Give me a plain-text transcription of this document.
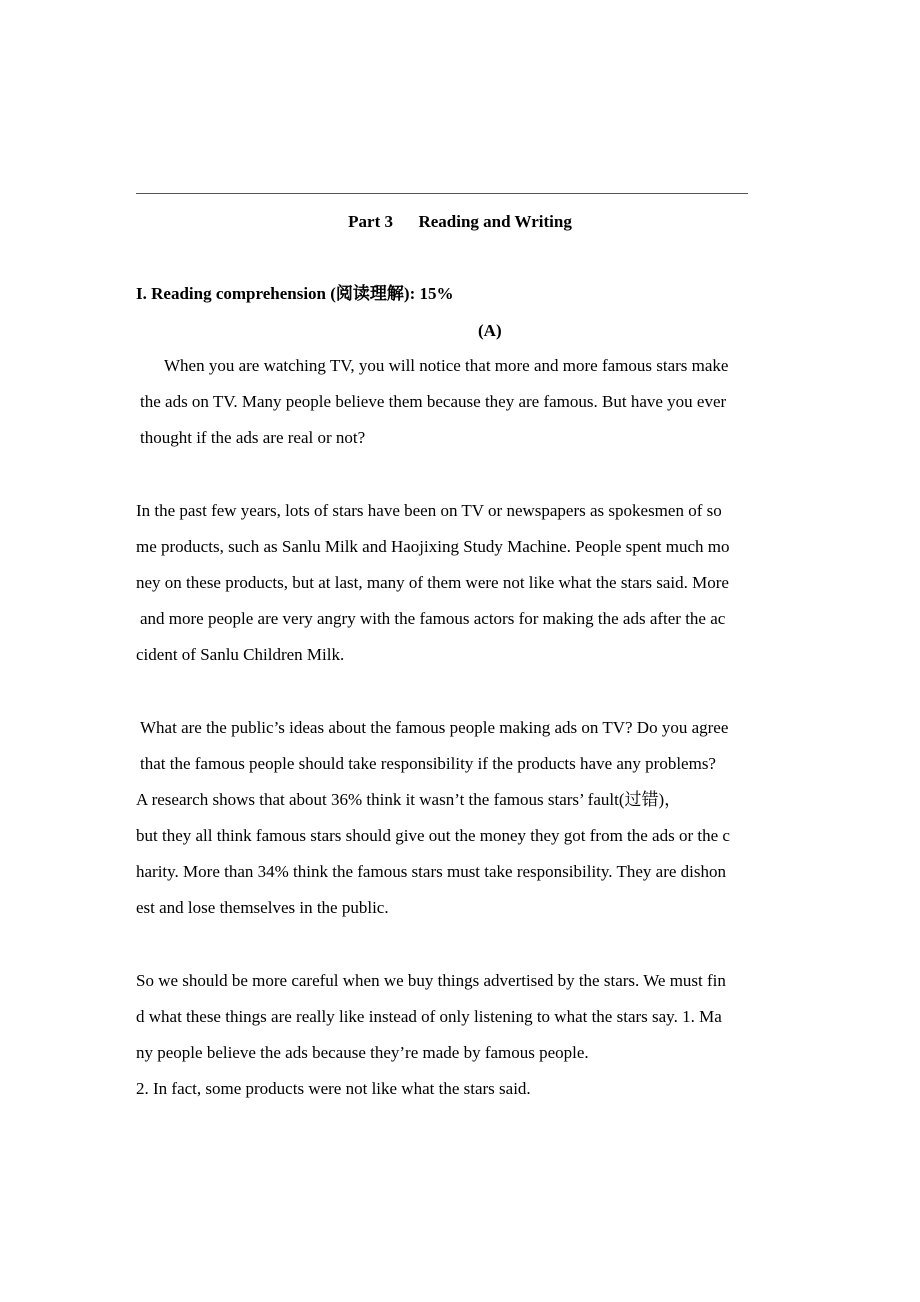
Part 3      Reading and Writing
I. Reading comprehension (阅读理解): 15%
(A)
When you are watching TV, you will notice that more and more famous stars make
the ads on TV. Many people believe them because they are famous. But have you ever
thought if the ads are real or not?
In the past few years, lots of stars have been on TV or newspapers as spokesmen of so
me products, such as Sanlu Milk and Haojixing Study Machine. People spent much mo
ney on these products, but at last, many of them were not like what the stars said. More
and more people are very angry with the famous actors for making the ads after the ac
cident of Sanlu Children Milk.
What are the public’s ideas about the famous people making ads on TV? Do you agree
that the famous people should take responsibility if the products have any problems?
A research shows that about 36% think it wasn’t the famous stars’ fault(过错)，
but they all think famous stars should give out the money they got from the ads or the c
harity. More than 34% think the famous stars must take responsibility. They are dishon
est and lose themselves in the public.
So we should be more careful when we buy things advertised by the stars. We must fin
d what these things are really like instead of only listening to what the stars say. 1. Ma
ny people believe the ads because they’re made by famous people.
2. In fact, some products were not like what the stars said.
